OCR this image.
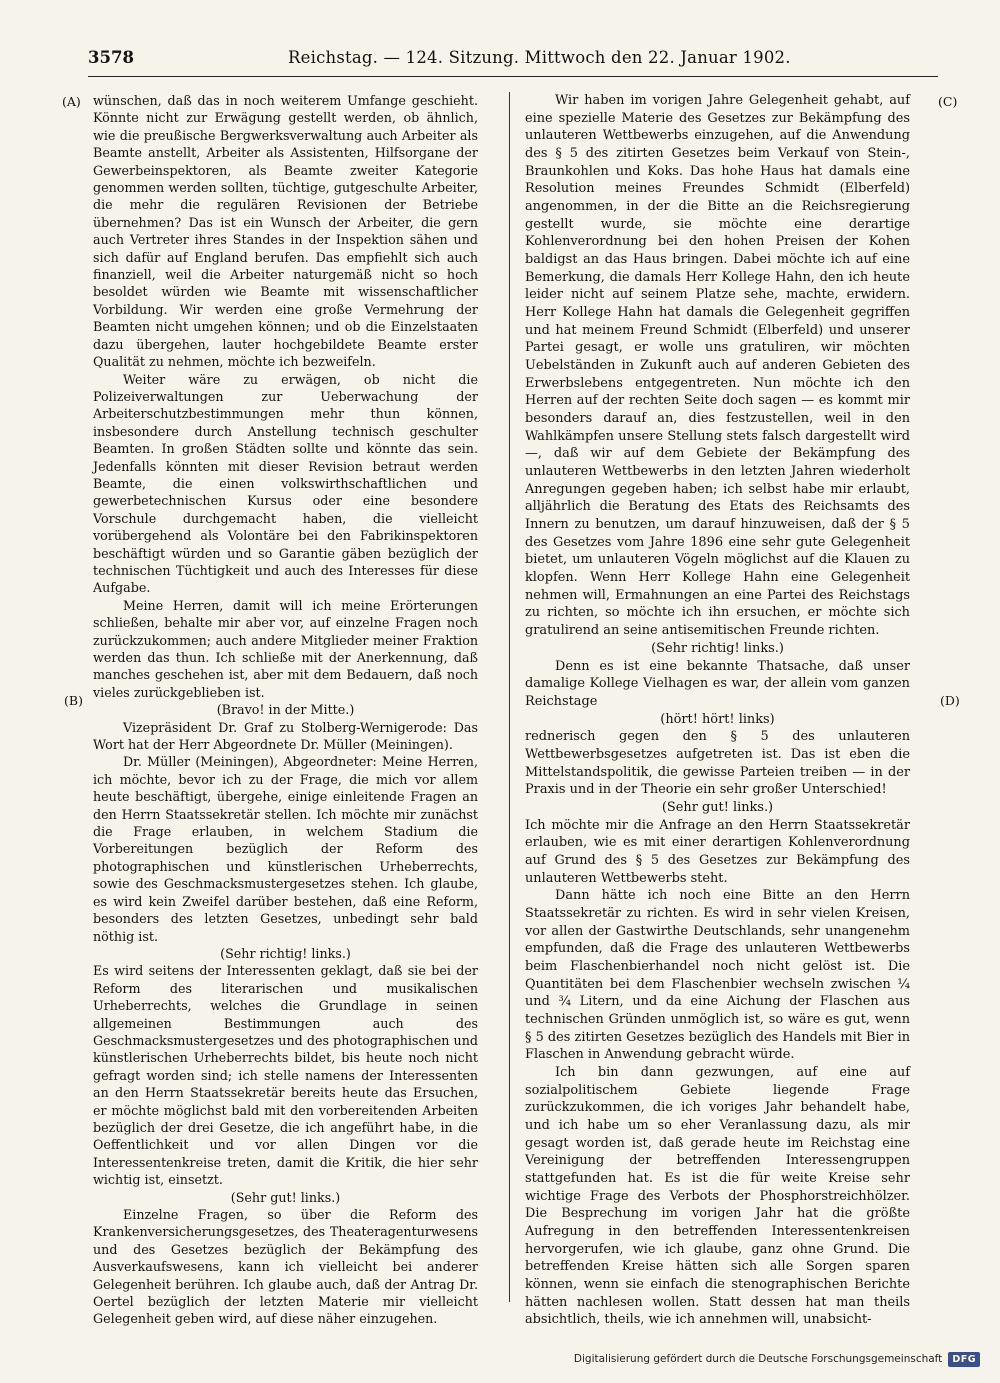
3578	Reichstag. — 124. Sitzung. Mittwoch den 22. Januar 1902.
(A)
(B)
(C)
(D)

wünschen, daß das in noch weiterem Umfange geschieht. Könnte nicht zur Erwägung gestellt werden, ob ähnlich, wie die preußische Bergwerksverwaltung auch Arbeiter als Beamte anstellt, Arbeiter als Assistenten, Hilfsorgane der Gewerbeinspektoren, als Beamte zweiter Kategorie genommen werden sollten, tüchtige, gutgeschulte Arbeiter, die mehr die regulären Revisionen der Betriebe übernehmen? Das ist ein Wunsch der Arbeiter, die gern auch Vertreter ihres Standes in der Inspektion sähen und sich dafür auf England berufen. Das empfiehlt sich auch finanziell, weil die Arbeiter naturgemäß nicht so hoch besoldet würden wie Beamte mit wissenschaftlicher Vorbildung. Wir werden eine große Vermehrung der Beamten nicht umgehen können; und ob die Einzelstaaten dazu übergehen, lauter hochgebildete Beamte erster Qualität zu nehmen, möchte ich bezweifeln.

Weiter wäre zu erwägen, ob nicht die Polizeiverwaltungen zur Ueberwachung der Arbeiterschutzbestimmungen mehr thun können, insbesondere durch Anstellung technisch geschulter Beamten. In großen Städten sollte und könnte das sein. Jedenfalls könnten mit dieser Revision betraut werden Beamte, die einen volkswirthschaftlichen und gewerbetechnischen Kursus oder eine besondere Vorschule durchgemacht haben, die vielleicht vorübergehend als Volontäre bei den Fabrikinspektoren beschäftigt würden und so Garantie gäben bezüglich der technischen Tüchtigkeit und auch des Interesses für diese Aufgabe.

Meine Herren, damit will ich meine Erörterungen schließen, behalte mir aber vor, auf einzelne Fragen noch zurückzukommen; auch andere Mitglieder meiner Fraktion werden das thun. Ich schließe mit der Anerkennung, daß manches geschehen ist, aber mit dem Bedauern, daß noch vieles zurückgeblieben ist.

(Bravo! in der Mitte.)

Vizepräsident Dr. Graf zu Stolberg-Wernigerode: Das Wort hat der Herr Abgeordnete Dr. Müller (Meiningen).

Dr. Müller (Meiningen), Abgeordneter: Meine Herren, ich möchte, bevor ich zu der Frage, die mich vor allem heute beschäftigt, übergehe, einige einleitende Fragen an den Herrn Staatssekretär stellen. Ich möchte mir zunächst die Frage erlauben, in welchem Stadium die Vorbereitungen bezüglich der Reform des photographischen und künstlerischen Urheberrechts, sowie des Geschmacksmustergesetzes stehen. Ich glaube, es wird kein Zweifel darüber bestehen, daß eine Reform, besonders des letzten Gesetzes, unbedingt sehr bald nöthig ist.

(Sehr richtig! links.)

Es wird seitens der Interessenten geklagt, daß sie bei der Reform des literarischen und musikalischen Urheberrechts, welches die Grundlage in seinen allgemeinen Bestimmungen auch des Geschmacksmustergesetzes und des photographischen und künstlerischen Urheberrechts bildet, bis heute noch nicht gefragt worden sind; ich stelle namens der Interessenten an den Herrn Staatssekretär bereits heute das Ersuchen, er möchte möglichst bald mit den vorbereitenden Arbeiten bezüglich der drei Gesetze, die ich angeführt habe, in die Oeffentlichkeit und vor allen Dingen vor die Interessentenkreise treten, damit die Kritik, die hier sehr wichtig ist, einsetzt.

(Sehr gut! links.)

Einzelne Fragen, so über die Reform des Krankenversicherungsgesetzes, des Theateragenturwesens und des Gesetzes bezüglich der Bekämpfung des Ausverkaufswesens, kann ich vielleicht bei anderer Gelegenheit berühren. Ich glaube auch, daß der Antrag Dr. Oertel bezüglich der letzten Materie mir vielleicht Gelegenheit geben wird, auf diese näher einzugehen.

Wir haben im vorigen Jahre Gelegenheit gehabt, auf eine spezielle Materie des Gesetzes zur Bekämpfung des unlauteren Wettbewerbs einzugehen, auf die Anwendung des § 5 des zitirten Gesetzes beim Verkauf von Stein-, Braunkohlen und Koks. Das hohe Haus hat damals eine Resolution meines Freundes Schmidt (Elberfeld) angenommen, in der die Bitte an die Reichsregierung gestellt wurde, sie möchte eine derartige Kohlenverordnung bei den hohen Preisen der Kohen baldigst an das Haus bringen. Dabei möchte ich auf eine Bemerkung, die damals Herr Kollege Hahn, den ich heute leider nicht auf seinem Platze sehe, machte, erwidern. Herr Kollege Hahn hat damals die Gelegenheit gegriffen und hat meinem Freund Schmidt (Elberfeld) und unserer Partei gesagt, er wolle uns gratuliren, wir möchten Uebelständen in Zukunft auch auf anderen Gebieten des Erwerbslebens entgegentreten. Nun möchte ich den Herren auf der rechten Seite doch sagen — es kommt mir besonders darauf an, dies festzustellen, weil in den Wahlkämpfen unsere Stellung stets falsch dargestellt wird —, daß wir auf dem Gebiete der Bekämpfung des unlauteren Wettbewerbs in den letzten Jahren wiederholt Anregungen gegeben haben; ich selbst habe mir erlaubt, alljährlich die Beratung des Etats des Reichsamts des Innern zu benutzen, um darauf hinzuweisen, daß der § 5 des Gesetzes vom Jahre 1896 eine sehr gute Gelegenheit bietet, um unlauteren Vögeln möglichst auf die Klauen zu klopfen. Wenn Herr Kollege Hahn eine Gelegenheit nehmen will, Ermahnungen an eine Partei des Reichstags zu richten, so möchte ich ihn ersuchen, er möchte sich gratulirend an seine antisemitischen Freunde richten.

(Sehr richtig! links.)

Denn es ist eine bekannte Thatsache, daß unser damalige Kollege Vielhagen es war, der allein vom ganzen Reichstage

(hört! hört! links)

rednerisch gegen den § 5 des unlauteren Wettbewerbsgesetzes aufgetreten ist. Das ist eben die Mittelstandspolitik, die gewisse Parteien treiben — in der Praxis und in der Theorie ein sehr großer Unterschied!

(Sehr gut! links.)

Ich möchte mir die Anfrage an den Herrn Staatssekretär erlauben, wie es mit einer derartigen Kohlenverordnung auf Grund des § 5 des Gesetzes zur Bekämpfung des unlauteren Wettbewerbs steht.

Dann hätte ich noch eine Bitte an den Herrn Staatssekretär zu richten. Es wird in sehr vielen Kreisen, vor allen der Gastwirthe Deutschlands, sehr unangenehm empfunden, daß die Frage des unlauteren Wettbewerbs beim Flaschenbierhandel noch nicht gelöst ist. Die Quantitäten bei dem Flaschenbier wechseln zwischen ¼ und ¾ Litern, und da eine Aichung der Flaschen aus technischen Gründen unmöglich ist, so wäre es gut, wenn § 5 des zitirten Gesetzes bezüglich des Handels mit Bier in Flaschen in Anwendung gebracht würde.

Ich bin dann gezwungen, auf eine auf sozialpolitischem Gebiete liegende Frage zurückzukommen, die ich voriges Jahr behandelt habe, und ich habe um so eher Veranlassung dazu, als mir gesagt worden ist, daß gerade heute im Reichstag eine Vereinigung der betreffenden Interessengruppen stattgefunden hat. Es ist die für weite Kreise sehr wichtige Frage des Verbots der Phosphorstreichhölzer. Die Besprechung im vorigen Jahr hat die größte Aufregung in den betreffenden Interessentenkreisen hervorgerufen, wie ich glaube, ganz ohne Grund. Die betreffenden Kreise hätten sich alle Sorgen sparen können, wenn sie einfach die stenographischen Berichte hätten nachlesen wollen. Statt dessen hat man theils absichtlich, theils, wie ich annehmen will, unabsicht-

Digitalisierung gefördert durch die Deutsche Forschungsgemeinschaft	DFG
